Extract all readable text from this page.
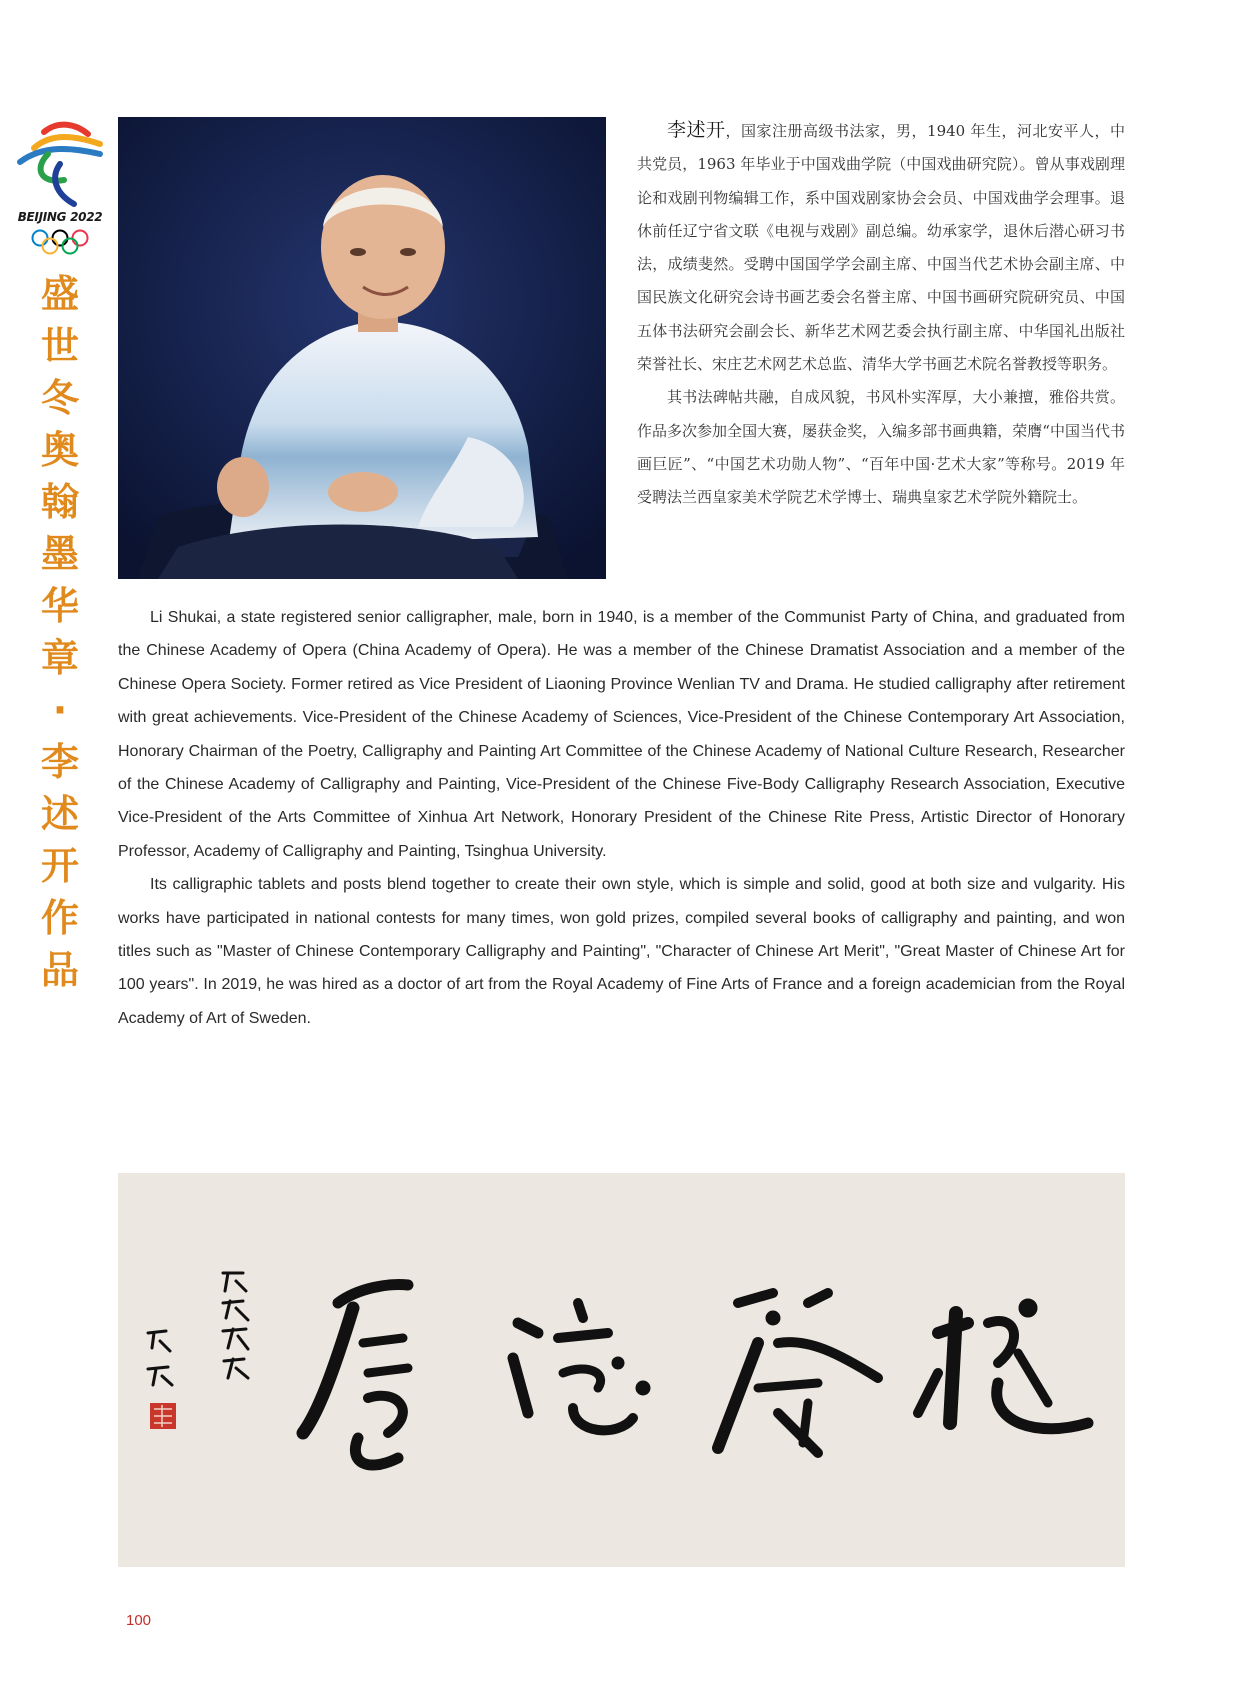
BEIJING 2022
盛
世
冬
奥
翰
墨
华
章
·
李
述
开
作
品

李述开，国家注册高级书法家，男，1940 年生，河北安平人，中共党员，1963 年毕业于中国戏曲学院（中国戏曲研究院）。曾从事戏剧理论和戏剧刊物编辑工作，系中国戏剧家协会会员、中国戏曲学会理事。退休前任辽宁省文联《电视与戏剧》副总编。幼承家学，退休后潜心研习书法，成绩斐然。受聘中国国学学会副主席、中国当代艺术协会副主席、中国民族文化研究会诗书画艺委会名誉主席、中国书画研究院研究员、中国五体书法研究会副会长、新华艺术网艺委会执行副主席、中华国礼出版社荣誉社长、宋庄艺术网艺术总监、清华大学书画艺术院名誉教授等职务。

其书法碑帖共融，自成风貌，书风朴实浑厚，大小兼擅，雅俗共赏。作品多次参加全国大赛，屡获金奖，入编多部书画典籍，荣膺“中国当代书画巨匠”、“中国艺术功勋人物”、“百年中国·艺术大家”等称号。2019 年受聘法兰西皇家美术学院艺术学博士、瑞典皇家艺术学院外籍院士。

Li Shukai, a state registered senior calligrapher, male, born in 1940, is a member of the Communist Party of China, and graduated from the Chinese Academy of Opera (China Academy of Opera). He was a member of the Chinese Dramatist Association and a member of the Chinese Opera Society. Former retired as Vice President of Liaoning Province Wenlian TV and Drama. He studied calligraphy after retirement with great achievements. Vice-President of the Chinese Academy of Sciences, Vice-President of the Chinese Contemporary Art Association, Honorary Chairman of the Poetry, Calligraphy and Painting Art Committee of the Chinese Academy of National Culture Research, Researcher of the Chinese Academy of Calligraphy and Painting, Vice-President of the Chinese Five-Body Calligraphy Research Association, Executive Vice-President of the Arts Committee of Xinhua Art Network, Honorary President of the Chinese Rite Press, Artistic Director of Honorary Professor, Academy of Calligraphy and Painting, Tsinghua University.

Its calligraphic tablets and posts blend together to create their own style, which is simple and solid, good at both size and vulgarity. His works have participated in national contests for many times, won gold prizes, compiled several books of calligraphy and painting, and won titles such as "Master of Chinese Contemporary Calligraphy and Painting", "Character of Chinese Art Merit", "Great Master of Chinese Art for 100 years". In 2019, he was hired as a doctor of art from the Royal Academy of Fine Arts of France and a foreign academician from the Royal Academy of Art of Sweden.

100
